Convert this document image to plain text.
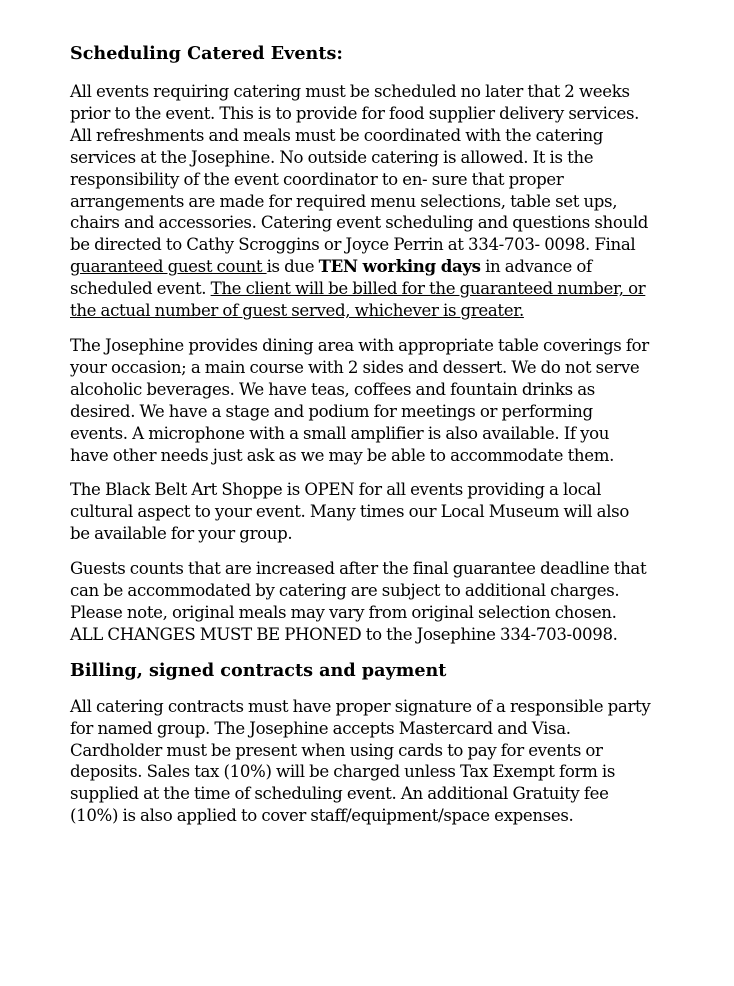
Scheduling Catered Events:

All events requiring catering must be scheduled no later that 2 weeks
prior to the event. This is to provide for food supplier delivery services.
All refreshments and meals must be coordinated with the catering
services at the Josephine. No outside catering is allowed. It is the
responsibility of the event coordinator to en- sure that proper
arrangements are made for required menu selections, table set ups,
chairs and accessories. Catering event scheduling and questions should
be directed to Cathy Scroggins or Joyce Perrin at 334-703- 0098. Final
guaranteed guest count is due TEN working days in advance of
scheduled event. The client will be billed for the guaranteed number, or
the actual number of guest served, whichever is greater.

The Josephine provides dining area with appropriate table coverings for
your occasion; a main course with 2 sides and dessert. We do not serve
alcoholic beverages. We have teas, coffees and fountain drinks as
desired. We have a stage and podium for meetings or performing
events. A microphone with a small amplifier is also available. If you
have other needs just ask as we may be able to accommodate them.

The Black Belt Art Shoppe is OPEN for all events providing a local
cultural aspect to your event. Many times our Local Museum will also
be available for your group.

Guests counts that are increased after the final guarantee deadline that
can be accommodated by catering are subject to additional charges.
Please note, original meals may vary from original selection chosen.
ALL CHANGES MUST BE PHONED to the Josephine 334-703-0098.

Billing, signed contracts and payment

All catering contracts must have proper signature of a responsible party
for named group. The Josephine accepts Mastercard and Visa.
Cardholder must be present when using cards to pay for events or
deposits. Sales tax (10%) will be charged unless Tax Exempt form is
supplied at the time of scheduling event. An additional Gratuity fee
(10%) is also applied to cover staff/equipment/space expenses.
